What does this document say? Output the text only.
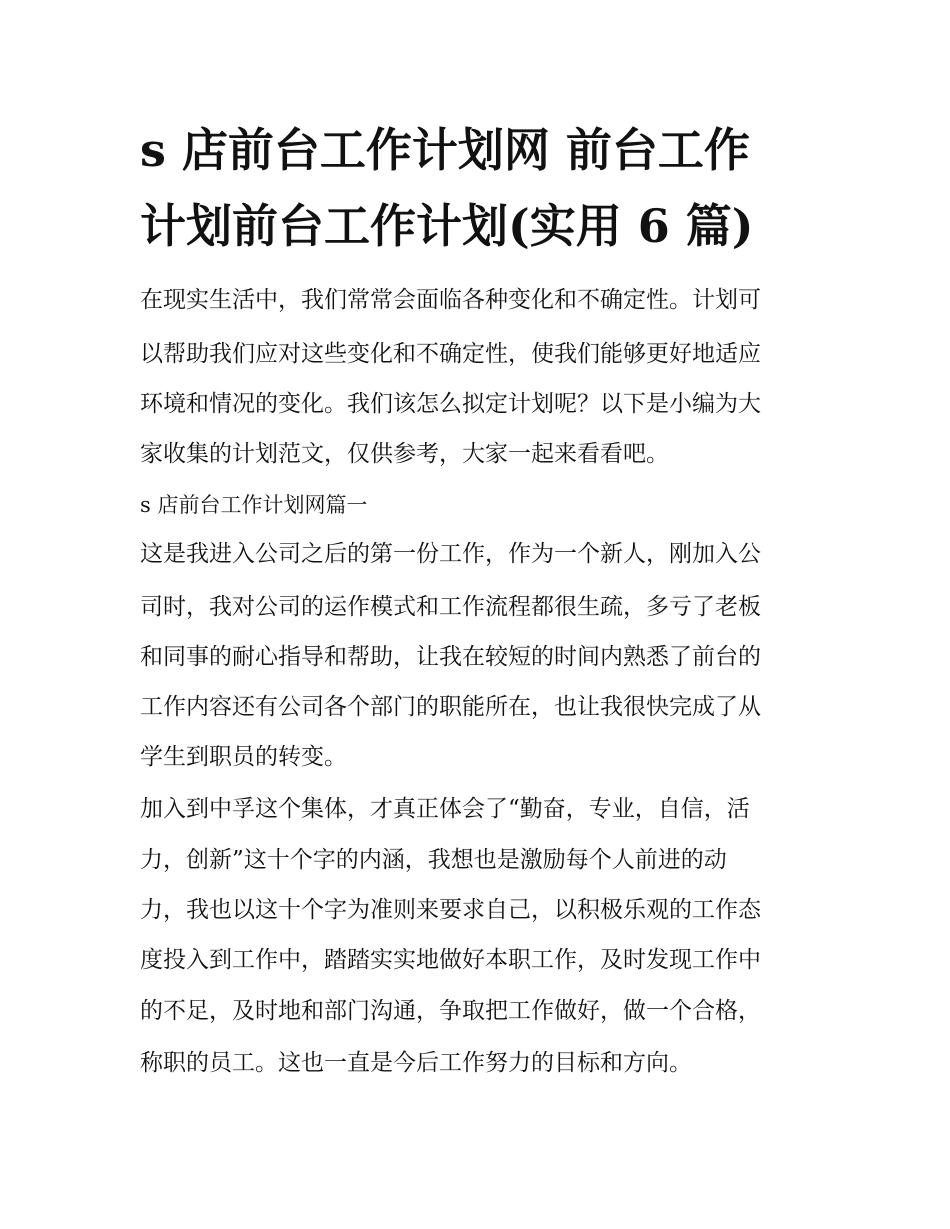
s 店前台工作计划网 前台工作
计划前台工作计划(实用 6 篇)
在现实生活中，我们常常会面临各种变化和不确定性。计划可
以帮助我们应对这些变化和不确定性，使我们能够更好地适应
环境和情况的变化。我们该怎么拟定计划呢？以下是小编为大
家收集的计划范文，仅供参考，大家一起来看看吧。
s 店前台工作计划网篇一
这是我进入公司之后的第一份工作，作为一个新人，刚加入公
司时，我对公司的运作模式和工作流程都很生疏，多亏了老板
和同事的耐心指导和帮助，让我在较短的时间内熟悉了前台的
工作内容还有公司各个部门的职能所在，也让我很快完成了从
学生到职员的转变。
加入到中孚这个集体，才真正体会了“勤奋，专业，自信，活
力，创新”这十个字的内涵，我想也是激励每个人前进的动
力，我也以这十个字为准则来要求自己，以积极乐观的工作态
度投入到工作中，踏踏实实地做好本职工作，及时发现工作中
的不足，及时地和部门沟通，争取把工作做好，做一个合格，
称职的员工。这也一直是今后工作努力的目标和方向。
